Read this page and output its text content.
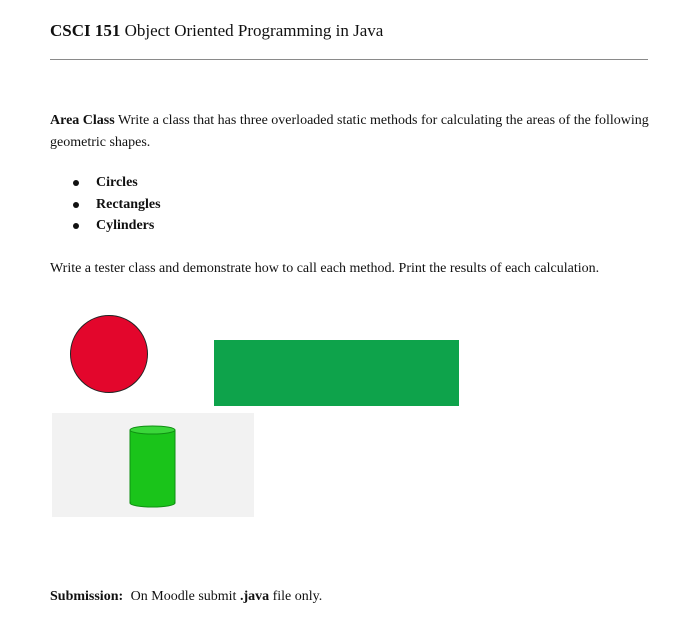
CSCI 151 Object Oriented Programming in Java
Area Class Write a class that has three overloaded static methods for calculating the areas of the following geometric shapes.
Circles
Rectangles
Cylinders
Write a tester class and demonstrate how to call each method. Print the results of each calculation.
Submission: On Moodle submit .java file only.
